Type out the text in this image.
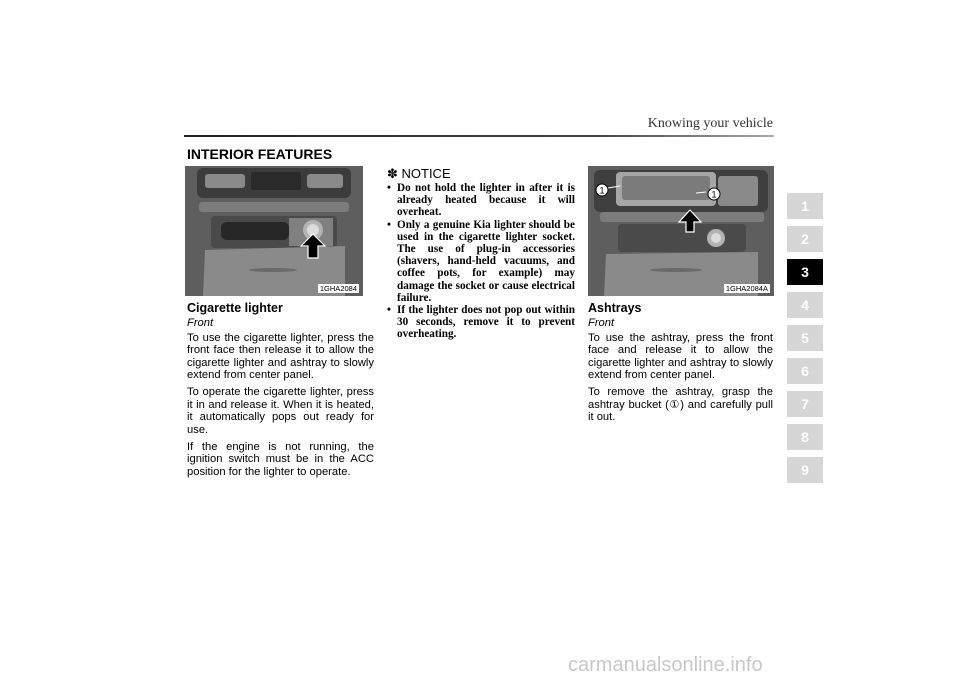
Knowing your vehicle
INTERIOR FEATURES
1GHA2084

Cigarette lighter

Front

To use the cigarette lighter, press the front face then release it to allow the cigarette lighter and ashtray to slowly extend from center panel.

To operate the cigarette lighter, press it in and release it. When it is heated, it automatically pops out ready for use.

If the engine is not running, the ignition switch must be in the ACC position for the lighter to operate.

✽ NOTICE
• Do not hold the lighter in after it is already heated because it will overheat.
• Only a genuine Kia lighter should be used in the cigarette lighter socket. The use of plug-in accessories (shavers, hand-held vacuums, and coffee pots, for example) may damage the socket or cause electrical failure.
• If the lighter does not pop out within 30 seconds, remove it to prevent overheating.
1	1
1GHA2084A

Ashtrays

Front

To use the ashtray, press the front face and release it to allow the cigarette lighter and ashtray to slowly extend from center panel.

To remove the ashtray, grasp the ashtray bucket (①) and carefully pull it out.

1
2
3
4
5
6
7
8
9
carmanualsonline.info
